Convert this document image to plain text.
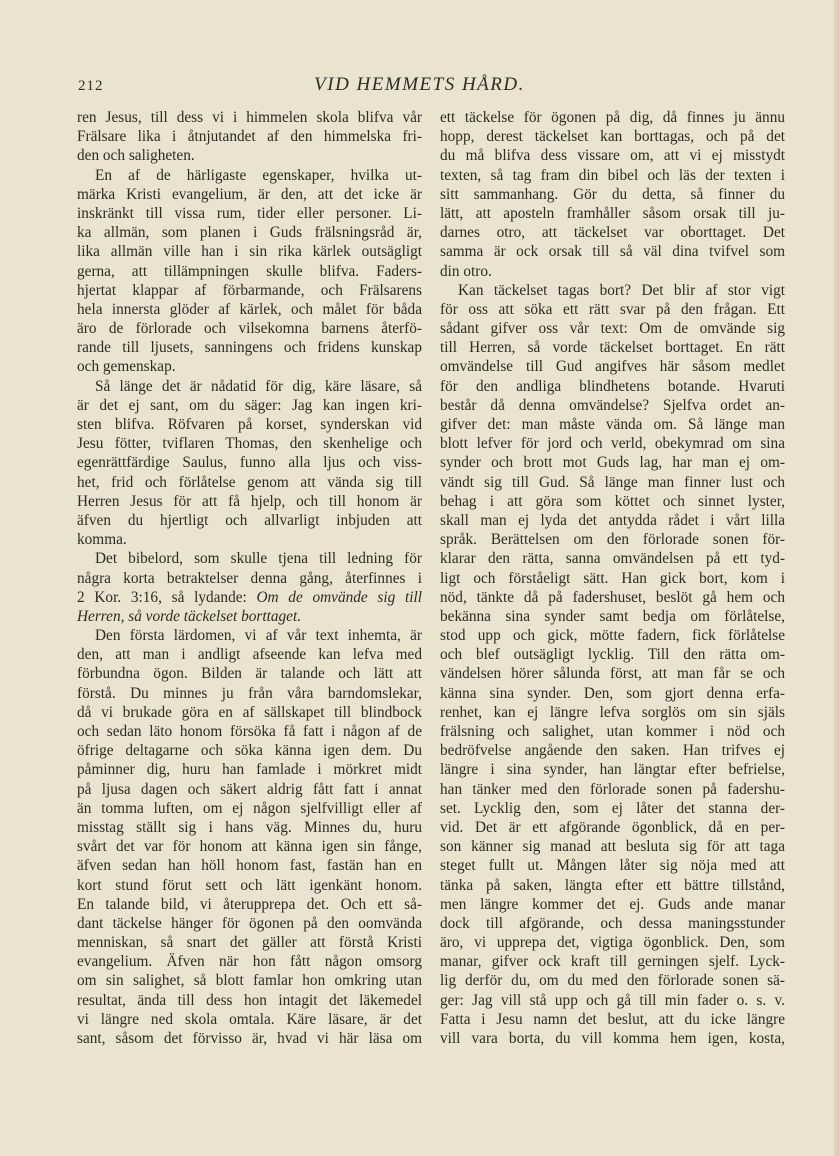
212	VID HEMMETS HÅRD.
ren Jesus, till dess vi i himmelen skola blifva vår
Frälsare lika i åtnjutandet af den himmelska fri-
den och saligheten.
En af de härligaste egenskaper, hvilka ut-
märka Kristi evangelium, är den, att det icke är
inskränkt till vissa rum, tider eller personer. Li-
ka allmän, som planen i Guds frälsningsråd är,
lika allmän ville han i sin rika kärlek outsägligt
gerna, att tillämpningen skulle blifva. Faders-
hjertat klappar af förbarmande, och Frälsarens
hela innersta glöder af kärlek, och målet för båda
äro de förlorade och vilsekomna barnens återfö-
rande till ljusets, sanningens och fridens kunskap
och gemenskap.
Så länge det är nådatid för dig, käre läsare, så
är det ej sant, om du säger: Jag kan ingen kri-
sten blifva. Röfvaren på korset, synderskan vid
Jesu fötter, tviflaren Thomas, den skenhelige och
egenrättfärdige Saulus, funno alla ljus och viss-
het, frid och förlåtelse genom att vända sig till
Herren Jesus för att få hjelp, och till honom är
äfven du hjertligt och allvarligt inbjuden att
komma.
Det bibelord, som skulle tjena till ledning för
några korta betraktelser denna gång, återfinnes i
2 Kor. 3:16, så lydande: Om de omvände sig till
Herren, så vorde täckelset borttaget.
Den första lärdomen, vi af vår text inhemta, är
den, att man i andligt afseende kan lefva med
förbundna ögon. Bilden är talande och lätt att
förstå. Du minnes ju från våra barndomslekar,
då vi brukade göra en af sällskapet till blindbock
och sedan läto honom försöka få fatt i någon af de
öfrige deltagarne och söka känna igen dem. Du
påminner dig, huru han famlade i mörkret midt
på ljusa dagen och säkert aldrig fått fatt i annat
än tomma luften, om ej någon sjelfvilligt eller af
misstag ställt sig i hans väg. Minnes du, huru
svårt det var för honom att känna igen sin fånge,
äfven sedan han höll honom fast, fastän han en
kort stund förut sett och lätt igenkänt honom.
En talande bild, vi återupprepa det. Och ett så-
dant täckelse hänger för ögonen på den oomvända
menniskan, så snart det gäller att förstå Kristi
evangelium. Äfven när hon fått någon omsorg
om sin salighet, så blott famlar hon omkring utan
resultat, ända till dess hon intagit det läkemedel
vi längre ned skola omtala. Käre läsare, är det
sant, såsom det förvisso är, hvad vi här läsa om
ett täckelse för ögonen på dig, då finnes ju ännu
hopp, derest täckelset kan borttagas, och på det
du må blifva dess vissare om, att vi ej misstydt
texten, så tag fram din bibel och läs der texten i
sitt sammanhang. Gör du detta, så finner du
lätt, att aposteln framhåller såsom orsak till ju-
darnes otro, att täckelset var oborttaget. Det
samma är ock orsak till så väl dina tvifvel som
din otro.
Kan täckelset tagas bort? Det blir af stor vigt
för oss att söka ett rätt svar på den frågan. Ett
sådant gifver oss vår text: Om de omvände sig
till Herren, så vorde täckelset borttaget. En rätt
omvändelse till Gud angifves här såsom medlet
för den andliga blindhetens botande. Hvaruti
består då denna omvändelse? Sjelfva ordet an-
gifver det: man måste vända om. Så länge man
blott lefver för jord och verld, obekymrad om sina
synder och brott mot Guds lag, har man ej om-
vändt sig till Gud. Så länge man finner lust och
behag i att göra som köttet och sinnet lyster,
skall man ej lyda det antydda rådet i vårt lilla
språk. Berättelsen om den förlorade sonen för-
klarar den rätta, sanna omvändelsen på ett tyd-
ligt och förståeligt sätt. Han gick bort, kom i
nöd, tänkte då på fadershuset, beslöt gå hem och
bekänna sina synder samt bedja om förlåtelse,
stod upp och gick, mötte fadern, fick förlåtelse
och blef outsägligt lycklig. Till den rätta om-
vändelsen hörer sålunda först, att man får se och
känna sina synder. Den, som gjort denna erfa-
renhet, kan ej längre lefva sorglös om sin själs
frälsning och salighet, utan kommer i nöd och
bedröfvelse angående den saken. Han trifves ej
längre i sina synder, han längtar efter befrielse,
han tänker med den förlorade sonen på fadershu-
set. Lycklig den, som ej låter det stanna der-
vid. Det är ett afgörande ögonblick, då en per-
son känner sig manad att besluta sig för att taga
steget fullt ut. Mången låter sig nöja med att
tänka på saken, längta efter ett bättre tillstånd,
men längre kommer det ej. Guds ande manar
dock till afgörande, och dessa maningsstunder
äro, vi upprepa det, vigtiga ögonblick. Den, som
manar, gifver ock kraft till gerningen sjelf. Lyck-
lig derför du, om du med den förlorade sonen sä-
ger: Jag vill stå upp och gå till min fader o. s. v.
Fatta i Jesu namn det beslut, att du icke längre
vill vara borta, du vill komma hem igen, kosta,
